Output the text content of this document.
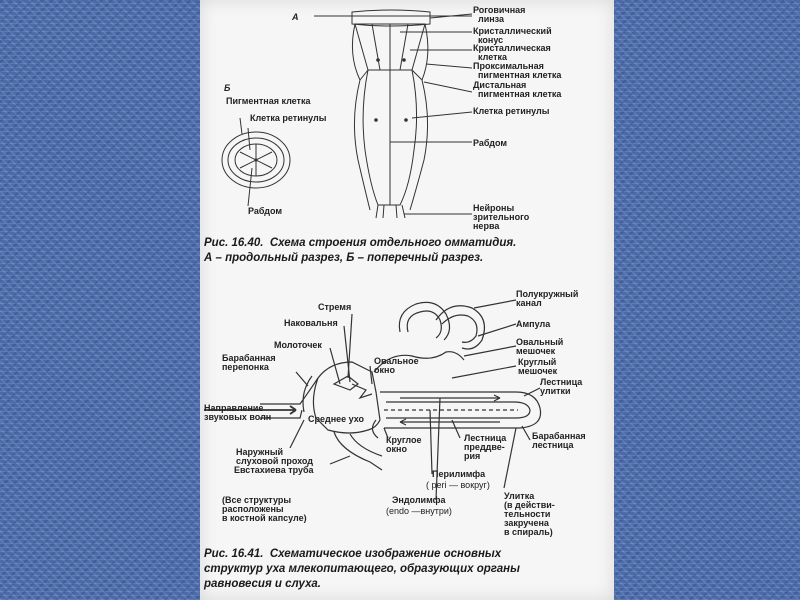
А
Б
Роговичная
линза
Кристаллический
конус
Кристаллическая
клетка
Проксимальная
пигментная клетка
Дистальная
пигментная клетка
Клетка ретинулы
Рабдом
Нейроны
зрительного
нерва
Пигментная клетка
Клетка ретинулы
Рабдом
Рис. 16.40.  Схема строения отдельного омматидия.
А – продольный разрез, Б – поперечный разрез.
Полукружный
канал
Стремя
Наковальня	Ампула
Молоточек	Овальный
мешочек
Барабанная
перепонка
Овальное
окно
Круглый
мешочек
Лестница
улитки
Направление
звуковых волн	Среднее ухо
Круглое
окно
Лестница
преддве-
рия
Барабанная
лестница
Наружный
слуховой проход
Евстахиева труба	Перилимфа
( peri — вокруг)
Эндолимфа
(endo —внутри)
Улитка
(в действи-
тельности
закручена
в спираль)
(Все структуры
расположены
в костной капсуле)
Рис. 16.41.  Схематическое изображение основных
структур уха млекопитающего, образующих органы
равновесия и слуха.
